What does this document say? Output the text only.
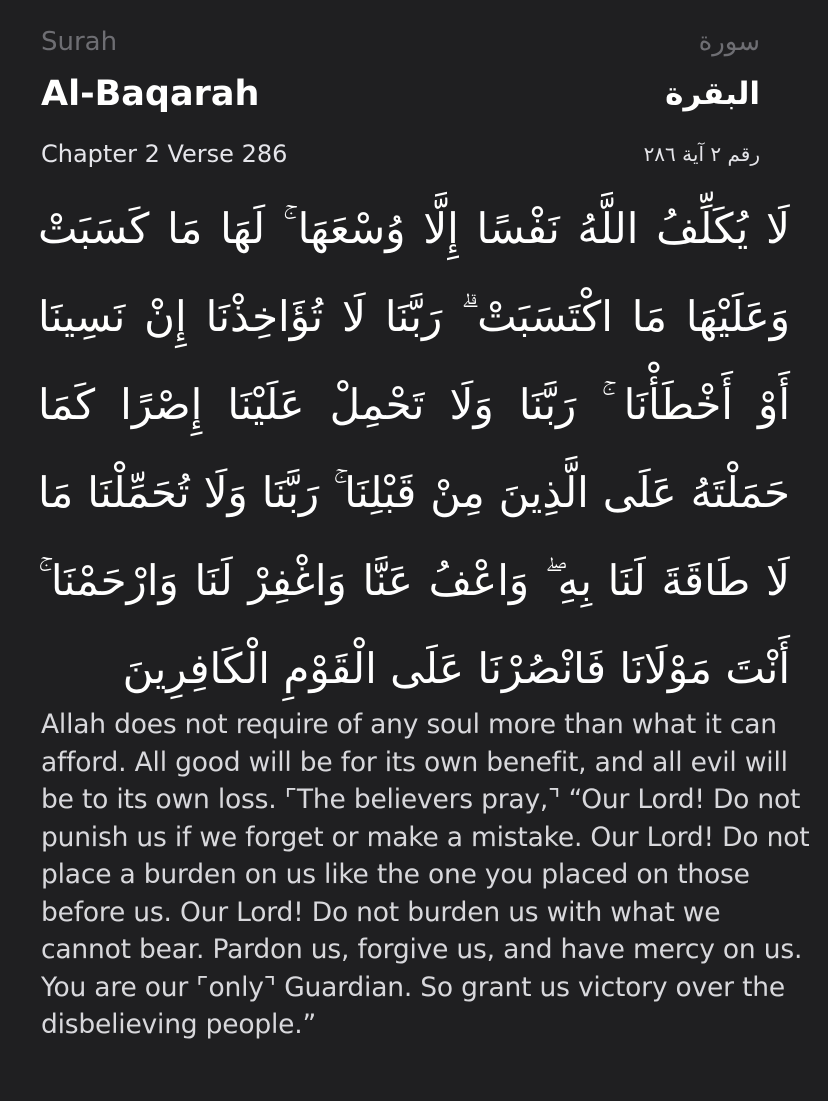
Surah
Al-Baqarah
Chapter 2 Verse 286
سورة
البقرة
رقم ٢ آية ٢٨٦
لَا يُكَلِّفُ اللَّهُ نَفْسًا إِلَّا وُسْعَهَا ۚ لَهَا مَا كَسَبَتْ وَعَلَيْهَا مَا اكْتَسَبَتْ ۗ رَبَّنَا لَا تُؤَاخِذْنَا إِنْ نَسِينَا أَوْ أَخْطَأْنَا ۚ رَبَّنَا وَلَا تَحْمِلْ عَلَيْنَا إِصْرًا كَمَا حَمَلْتَهُ عَلَى الَّذِينَ مِنْ قَبْلِنَا ۚ رَبَّنَا وَلَا تُحَمِّلْنَا مَا لَا طَاقَةَ لَنَا بِهِ ۖ وَاعْفُ عَنَّا وَاغْفِرْ لَنَا وَارْحَمْنَا ۚ أَنْتَ مَوْلَانَا فَانْصُرْنَا عَلَى الْقَوْمِ الْكَافِرِينَ
Allah does not require of any soul more than what it can afford. All good will be for its own benefit, and all evil will be to its own loss. ⌜The believers pray,⌝ “Our Lord! Do not punish us if we forget or make a mistake. Our Lord! Do not place a burden on us like the one you placed on those before us. Our Lord! Do not burden us with what we cannot bear. Pardon us, forgive us, and have mercy on us. You are our ⌜only⌝ Guardian. So grant us victory over the disbelieving people.”
